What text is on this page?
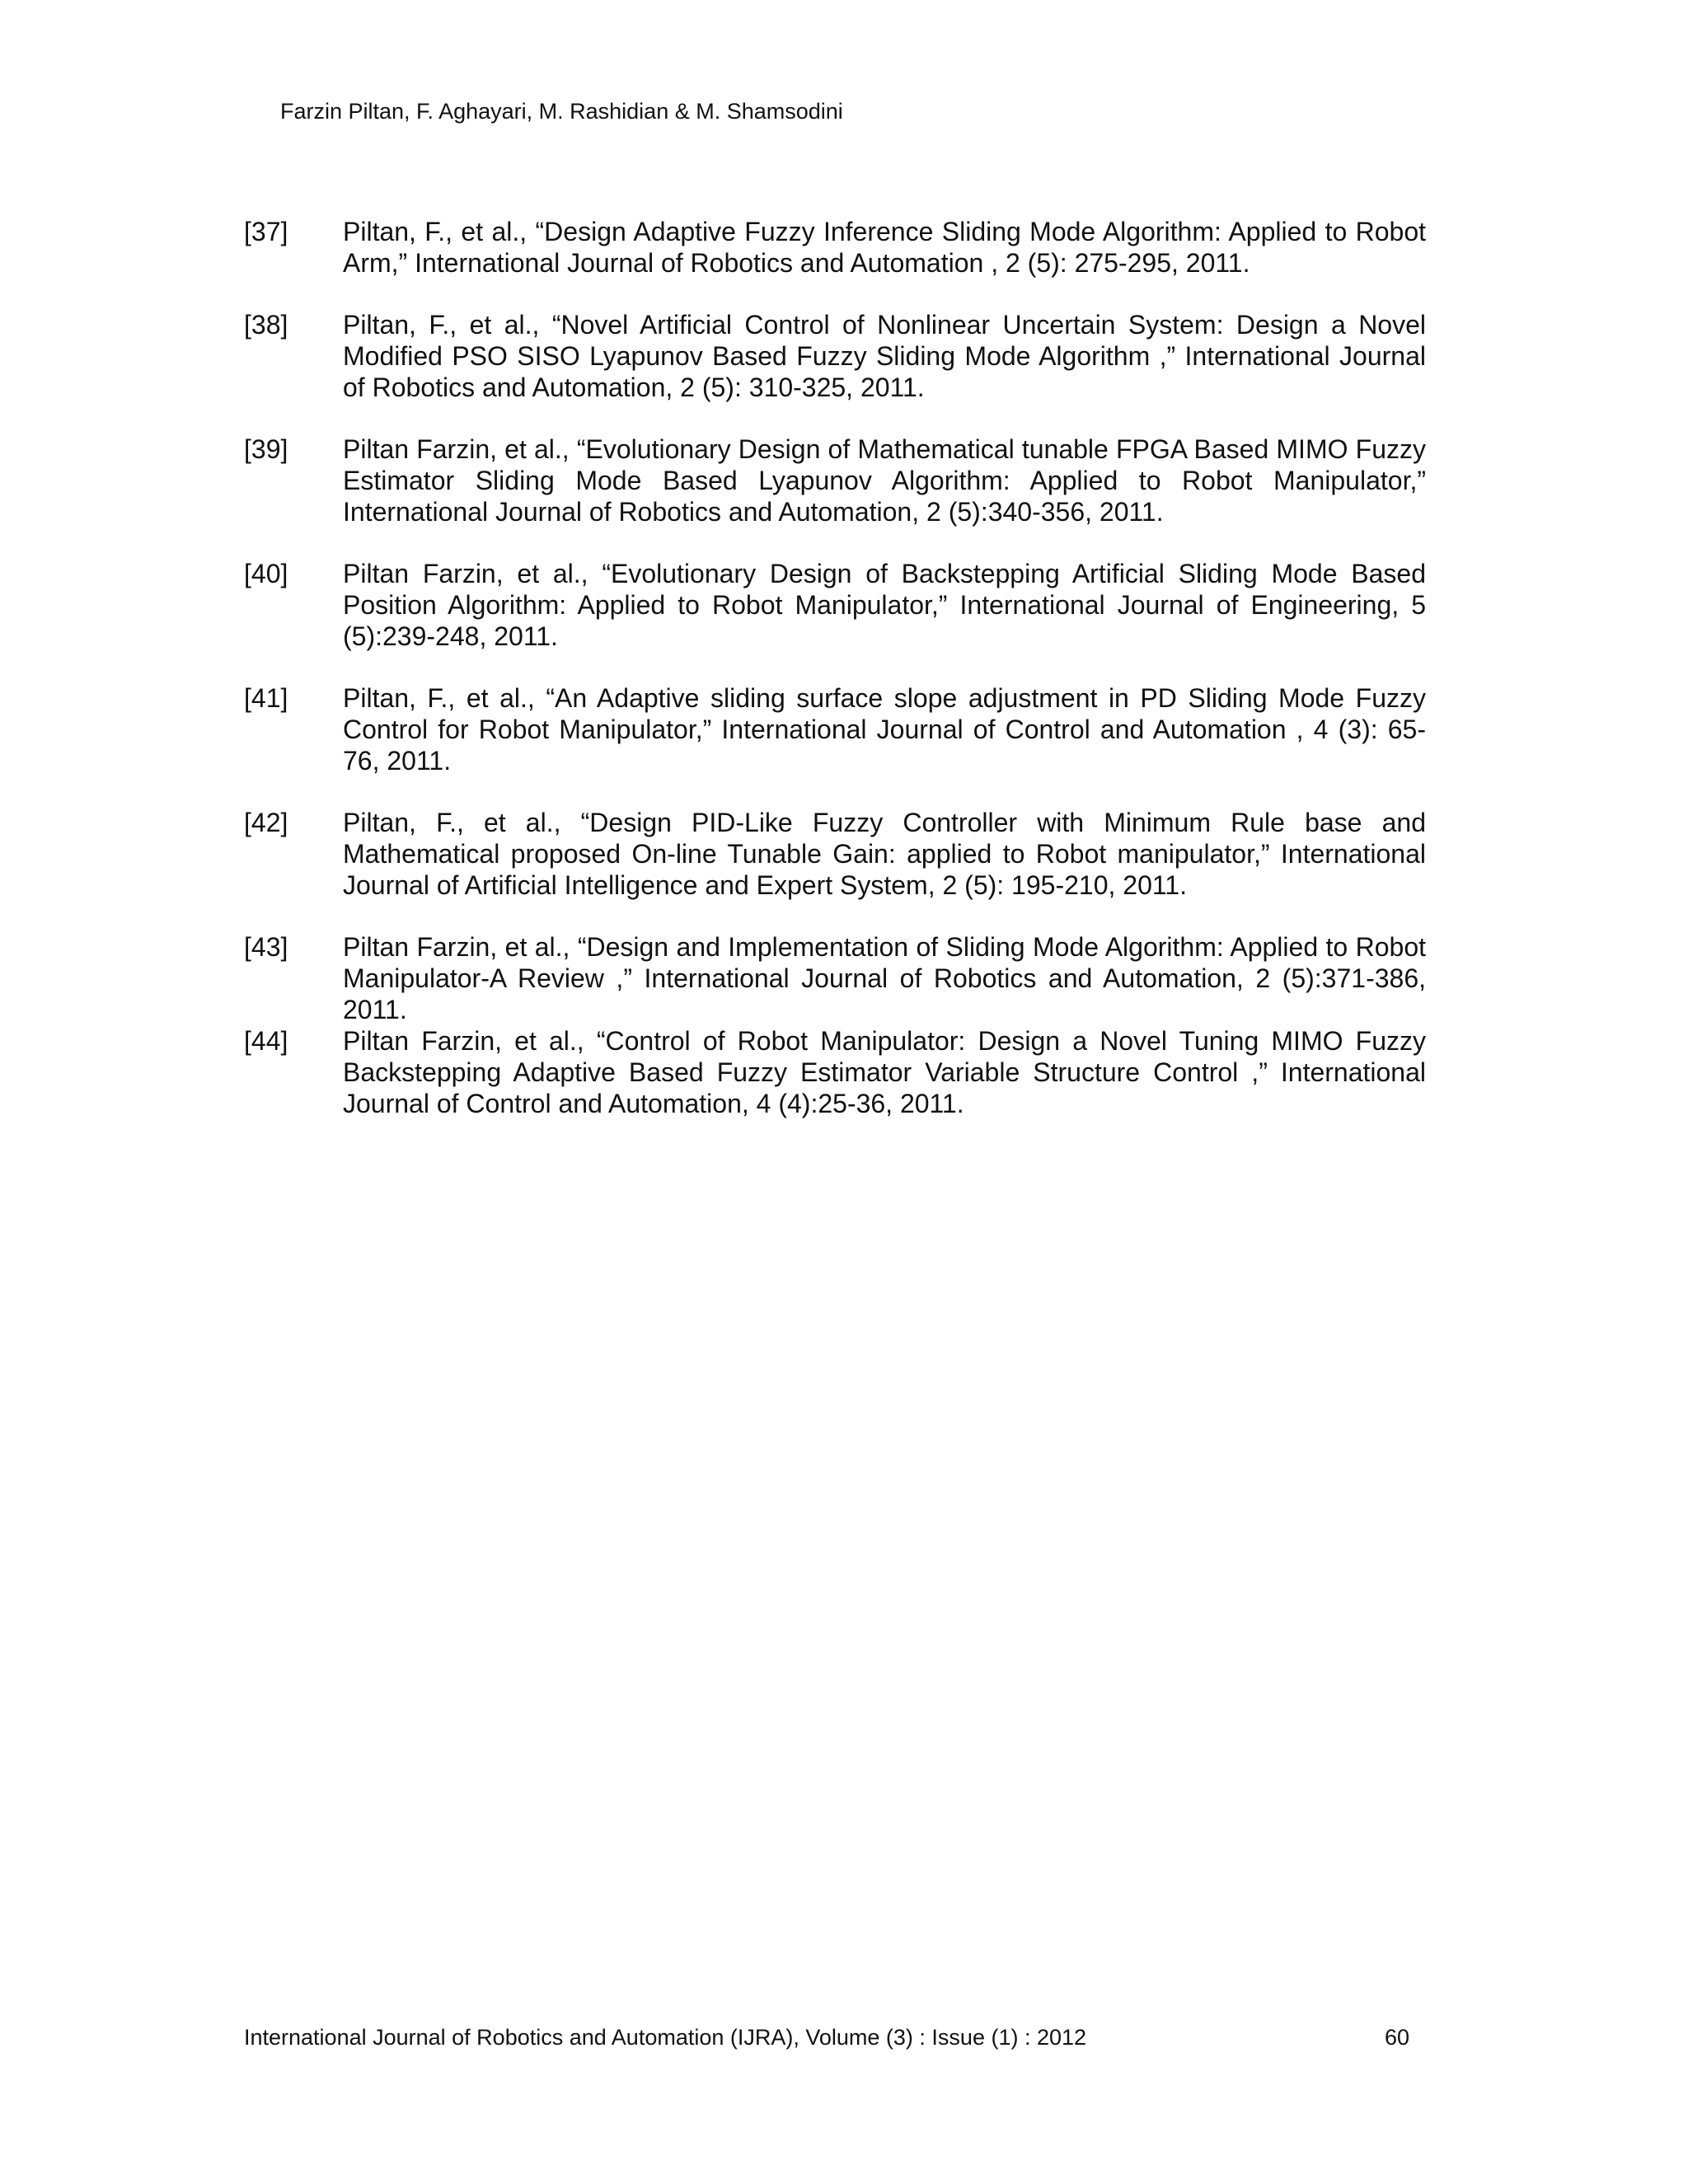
Farzin Piltan, F. Aghayari, M. Rashidian & M. Shamsodini
[37]	Piltan, F., et al., “Design Adaptive Fuzzy Inference Sliding Mode Algorithm: Applied to Robot Arm,” International Journal of Robotics and Automation , 2 (5): 275-295, 2011.
[38]	Piltan, F., et al., “Novel Artificial Control of Nonlinear Uncertain System: Design a Novel Modified PSO SISO Lyapunov Based Fuzzy Sliding Mode Algorithm ,” International Journal of Robotics and Automation, 2 (5): 310-325, 2011.
[39]	Piltan Farzin, et al., “Evolutionary Design of Mathematical tunable FPGA Based MIMO Fuzzy Estimator Sliding Mode Based Lyapunov Algorithm: Applied to Robot Manipulator,” International Journal of Robotics and Automation, 2 (5):340-356, 2011.
[40]	Piltan Farzin, et al., “Evolutionary Design of Backstepping Artificial Sliding Mode Based Position Algorithm: Applied to Robot Manipulator,” International Journal of Engineering, 5 (5):239-248, 2011.
[41]	Piltan, F., et al., “An Adaptive sliding surface slope adjustment in PD Sliding Mode Fuzzy Control for Robot Manipulator,” International Journal of Control and Automation , 4 (3): 65-76, 2011.
[42]	Piltan, F., et al., “Design PID-Like Fuzzy Controller with Minimum Rule base and Mathematical proposed On-line Tunable Gain: applied to Robot manipulator,” International Journal of Artificial Intelligence and Expert System, 2 (5): 195-210, 2011.
[43]	Piltan Farzin, et al., “Design and Implementation of Sliding Mode Algorithm: Applied to Robot Manipulator-A Review ,” International Journal of Robotics and Automation, 2 (5):371-386, 2011.
[44]	Piltan Farzin, et al., “Control of Robot Manipulator: Design a Novel Tuning MIMO Fuzzy Backstepping Adaptive Based Fuzzy Estimator Variable Structure Control ,” International Journal of Control and Automation, 4 (4):25-36, 2011.
International Journal of Robotics and Automation (IJRA), Volume (3) : Issue (1) : 2012	60
